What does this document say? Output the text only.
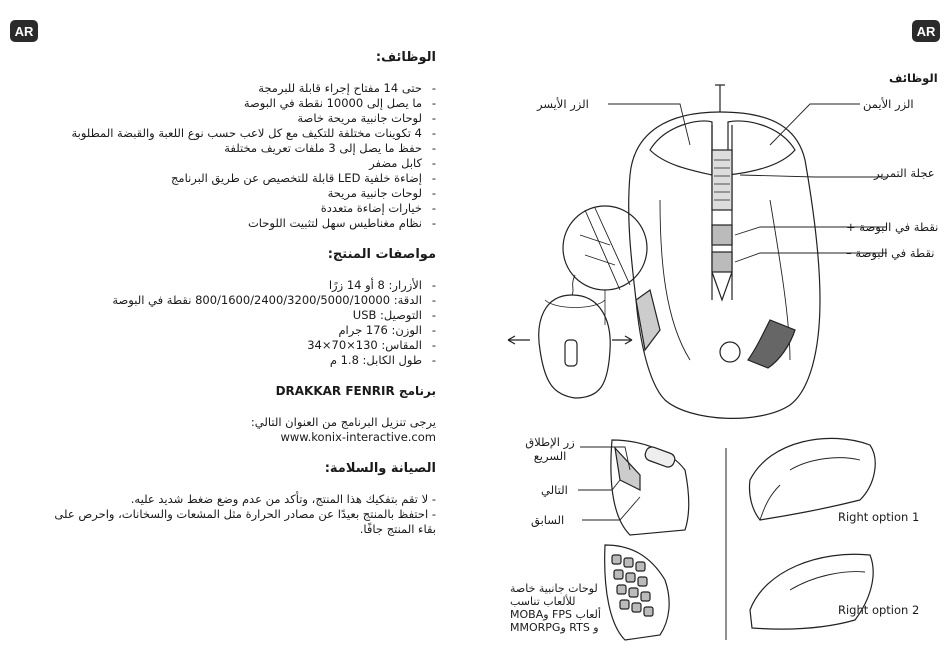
AR	AR
الوظائف:
- حتى 14 مفتاح إجراء قابلة للبرمجة
- ما يصل إلى 10000 نقطة في البوصة
- لوحات جانبية مريحة خاصة
- 4 تكوينات مختلفة للتكيف مع كل لاعب حسب نوع اللعبة والقبضة المطلوبة
- حفظ ما يصل إلى 3 ملفات تعريف مختلفة
- كابل مضفر
- إضاءة خلفية LED قابلة للتخصيص عن طريق البرنامج
- لوحات جانبية مريحة
- خيارات إضاءة متعددة
- نظام مغناطيس سهل لتثبيت اللوحات
مواصفات المنتج:
- الأزرار: 8 أو 14 زرًا
- الدقة: 800/1600/2400/3200/5000/10000 نقطة في البوصة
- التوصيل: USB
- الوزن: 176 جرام
- المقاس: 130×70×34
- طول الكابل: 1.8 م
برنامج DRAKKAR FENRIR

يرجى تنزيل البرنامج من العنوان التالي:

www.konix-interactive.com

الصيانة والسلامة:

- لا تقم بتفكيك هذا المنتج، وتأكد من عدم وضع ضغط شديد عليه.

- احتفظ بالمنتج بعيدًا عن مصادر الحرارة مثل المشعات والسخانات، واحرص على بقاء المنتج جافًا.

الوظائف
الزر الأيسر	الزر الأيمن
عجلة التمرير
نقطة في البوصة +
نقطة في البوصة –
زر الإطلاق السريع
التالي
السابق
لوحات جانبية خاصة للألعاب تناسب ألعاب FPS وMOBA و RTS وMMORPG
Right option 1
Right option 2
